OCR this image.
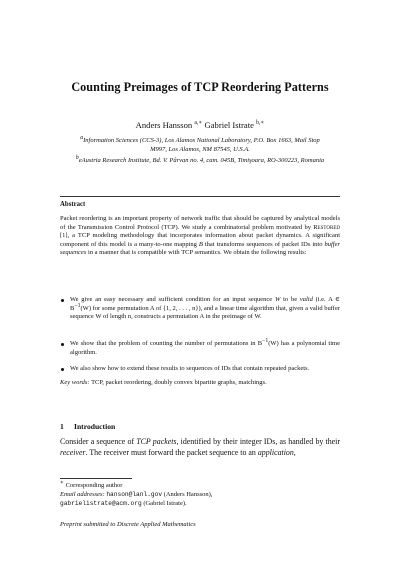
Counting Preimages of TCP Reordering Patterns
Anders Hansson $^{a,∗}$ Gabriel Istrate $^{b,∗}$
aInformation Sciences (CCS-3), Los Alamos National Laboratory, P.O. Box 1663, Mail Stop M997, Los Alamos, NM 87545, U.S.A.
beAustria Research Institute, Bd. V. Pârvan no. 4, cam. 045B, Timişoara, RO-300223, Romania
Abstract
Packet reordering is an important property of network traffic that should be captured by analytical models of the Transmission Control Protocol (TCP). We study a combinatorial problem motivated by Restored [1], a TCP modeling methodology that incorporates information about packet dynamics. A significant component of this model is a many-to-one mapping B that transforms sequences of packet IDs into buffer sequences in a manner that is compatible with TCP semantics. We obtain the following results:
We give an easy necessary and sufficient condition for an input sequence W to be valid (i.e. A ∈ B−1(W) for some permutation A of {1, 2, . . . , n}), and a linear time algorithm that, given a valid buffer sequence W of length n, constructs a permutation A in the preimage of W.
We show that the problem of counting the number of permutations in B−1(W) has a polynomial time algorithm.
We also show how to extend these results to sequences of IDs that contain repeated packets.
Key words: TCP, packet reordering, doubly convex bipartite graphs, matchings.
1 Introduction
Consider a sequence of TCP packets, identified by their integer IDs, as handled by their receiver. The receiver must forward the packet sequence to an application,
∗ Corresponding author
Email addresses: hanson@lanl.gov (Anders Hansson),
gabrielistrate@acm.org (Gabriel Istrate).
Preprint submitted to Discrete Applied Mathematics
